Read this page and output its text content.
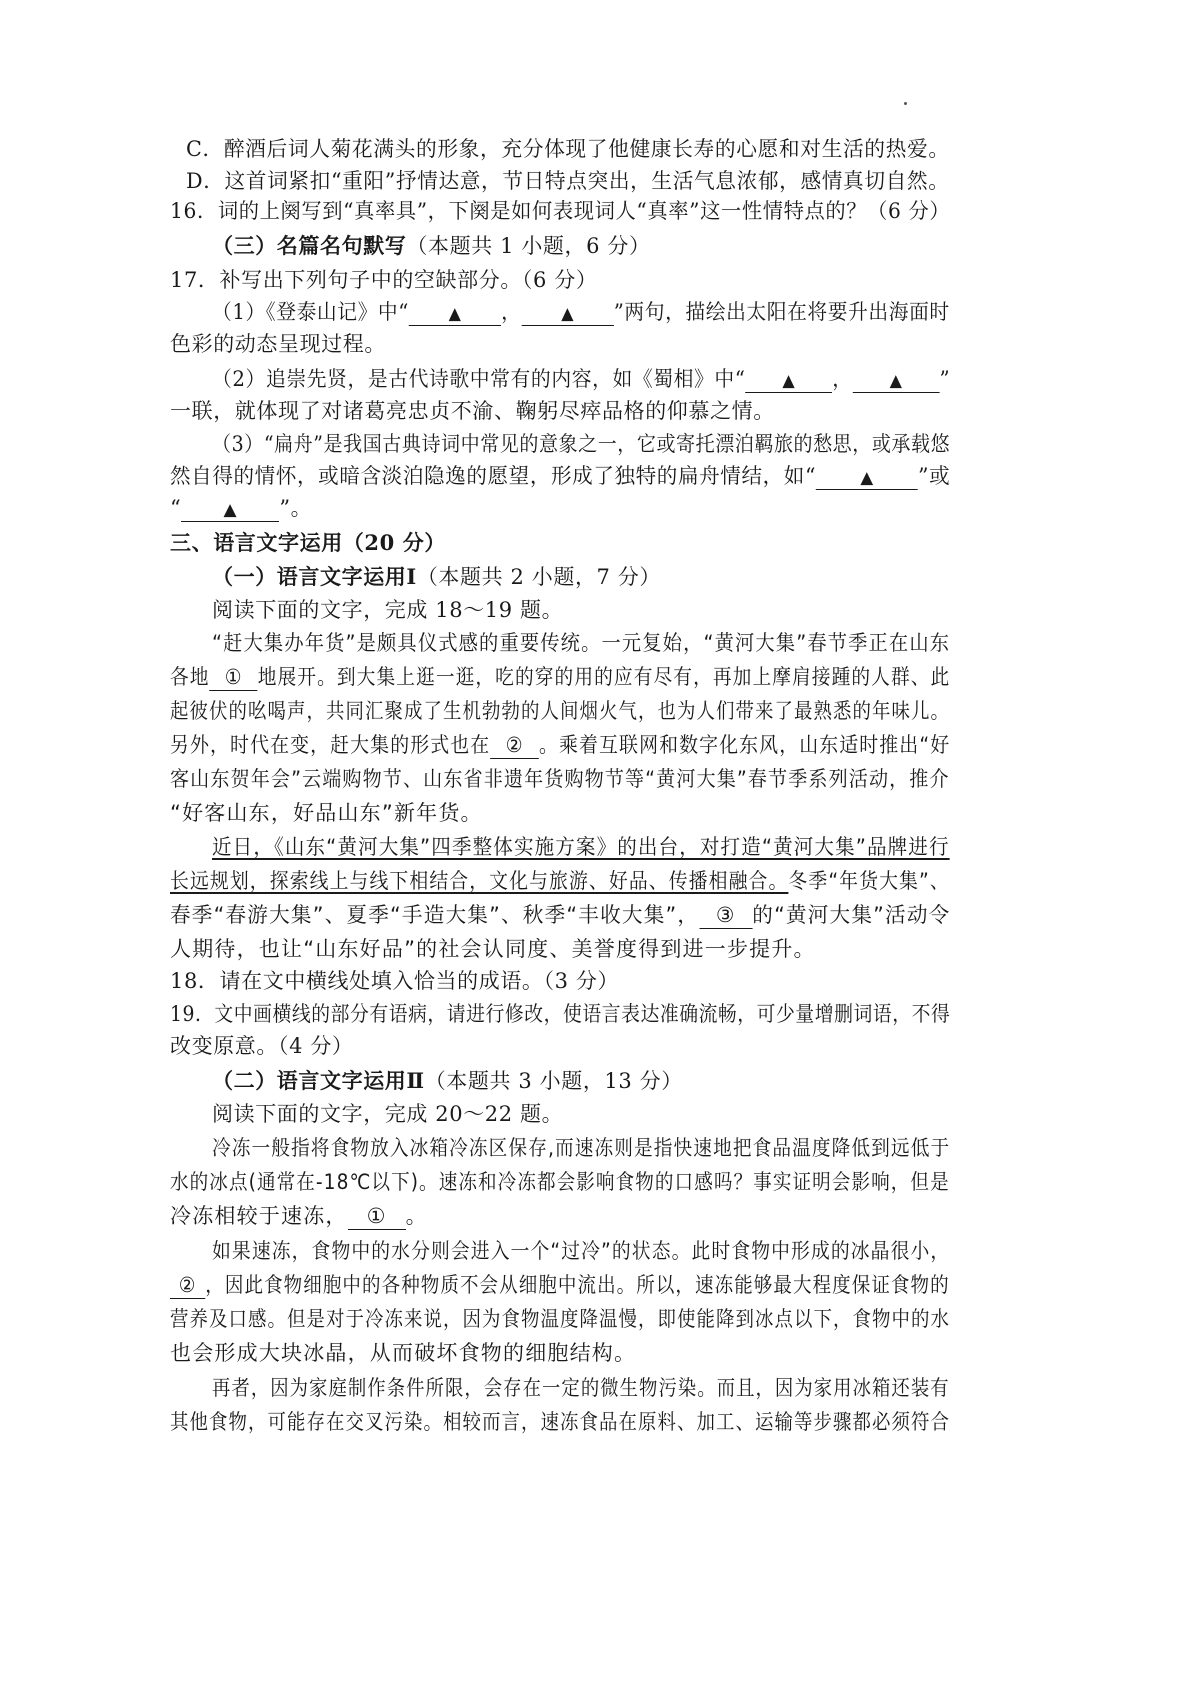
C．醉酒后词人菊花满头的形象，充分体现了他健康长寿的心愿和对生活的热爱。
D．这首词紧扣“重阳”抒情达意，节日特点突出，生活气息浓郁，感情真切自然。
16．词的上阕写到“真率具”，下阕是如何表现词人“真率”这一性情特点的？（6 分）
（三）名篇名句默写（本题共 1 小题，6 分）
17．补写出下列句子中的空缺部分。（6 分）
（1）《登泰山记》中“ ▲ ， ▲ ”两句，描绘出太阳在将要升出海面时
色彩的动态呈现过程。
（2）追崇先贤，是古代诗歌中常有的内容，如《蜀相》中“ ▲ ， ▲ ”
一联，就体现了对诸葛亮忠贞不渝、鞠躬尽瘁品格的仰慕之情。
（3）“扁舟”是我国古典诗词中常见的意象之一，它或寄托漂泊羁旅的愁思，或承载悠
然自得的情怀，或暗含淡泊隐逸的愿望，形成了独特的扁舟情结，如“	▲ ”或
“ ▲ ”。
三、语言文字运用（20 分）
（一）语言文字运用Ⅰ（本题共 2 小题，7 分）
阅读下面的文字，完成 18～19 题。
“赶大集办年货”是颇具仪式感的重要传统。一元复始，“黄河大集”春节季正在山东
各地 ① 地展开。到大集上逛一逛，吃的穿的用的应有尽有，再加上摩肩接踵的人群、此
起彼伏的吆喝声，共同汇聚成了生机勃勃的人间烟火气，也为人们带来了最熟悉的年味儿。
另外，时代在变，赶大集的形式也在 ② 。乘着互联网和数字化东风，山东适时推出“好
客山东贺年会”云端购物节、山东省非遗年货购物节等“黄河大集”春节季系列活动，推介
“好客山东，好品山东”新年货。
近日，《山东“黄河大集”四季整体实施方案》的出台，对打造“黄河大集”品牌进行
长远规划，探索线上与线下相结合，文化与旅游、好品、传播相融合。冬季“年货大集”、
春季“春游大集”、夏季“手造大集”、秋季“丰收大集”， ③ 的“黄河大集”活动令
人期待，也让“山东好品”的社会认同度、美誉度得到进一步提升。
18．请在文中横线处填入恰当的成语。（3 分）
19．文中画横线的部分有语病，请进行修改，使语言表达准确流畅，可少量增删词语，不得
改变原意。（4 分）
（二）语言文字运用Ⅱ（本题共 3 小题，13 分）
阅读下面的文字，完成 20～22 题。
冷冻一般指将食物放入冰箱冷冻区保存,而速冻则是指快速地把食品温度降低到远低于
水的冰点(通常在-18℃以下)。速冻和冷冻都会影响食物的口感吗？事实证明会影响，但是
冷冻相较于速冻， ① 。
如果速冻，食物中的水分则会进入一个“过冷”的状态。此时食物中形成的冰晶很小，
② ，因此食物细胞中的各种物质不会从细胞中流出。所以，速冻能够最大程度保证食物的
营养及口感。但是对于冷冻来说，因为食物温度降温慢，即使能降到冰点以下，食物中的水
也会形成大块冰晶，从而破坏食物的细胞结构。
再者，因为家庭制作条件所限，会存在一定的微生物污染。而且，因为家用冰箱还装有
其他食物，可能存在交叉污染。相较而言，速冻食品在原料、加工、运输等步骤都必须符合
